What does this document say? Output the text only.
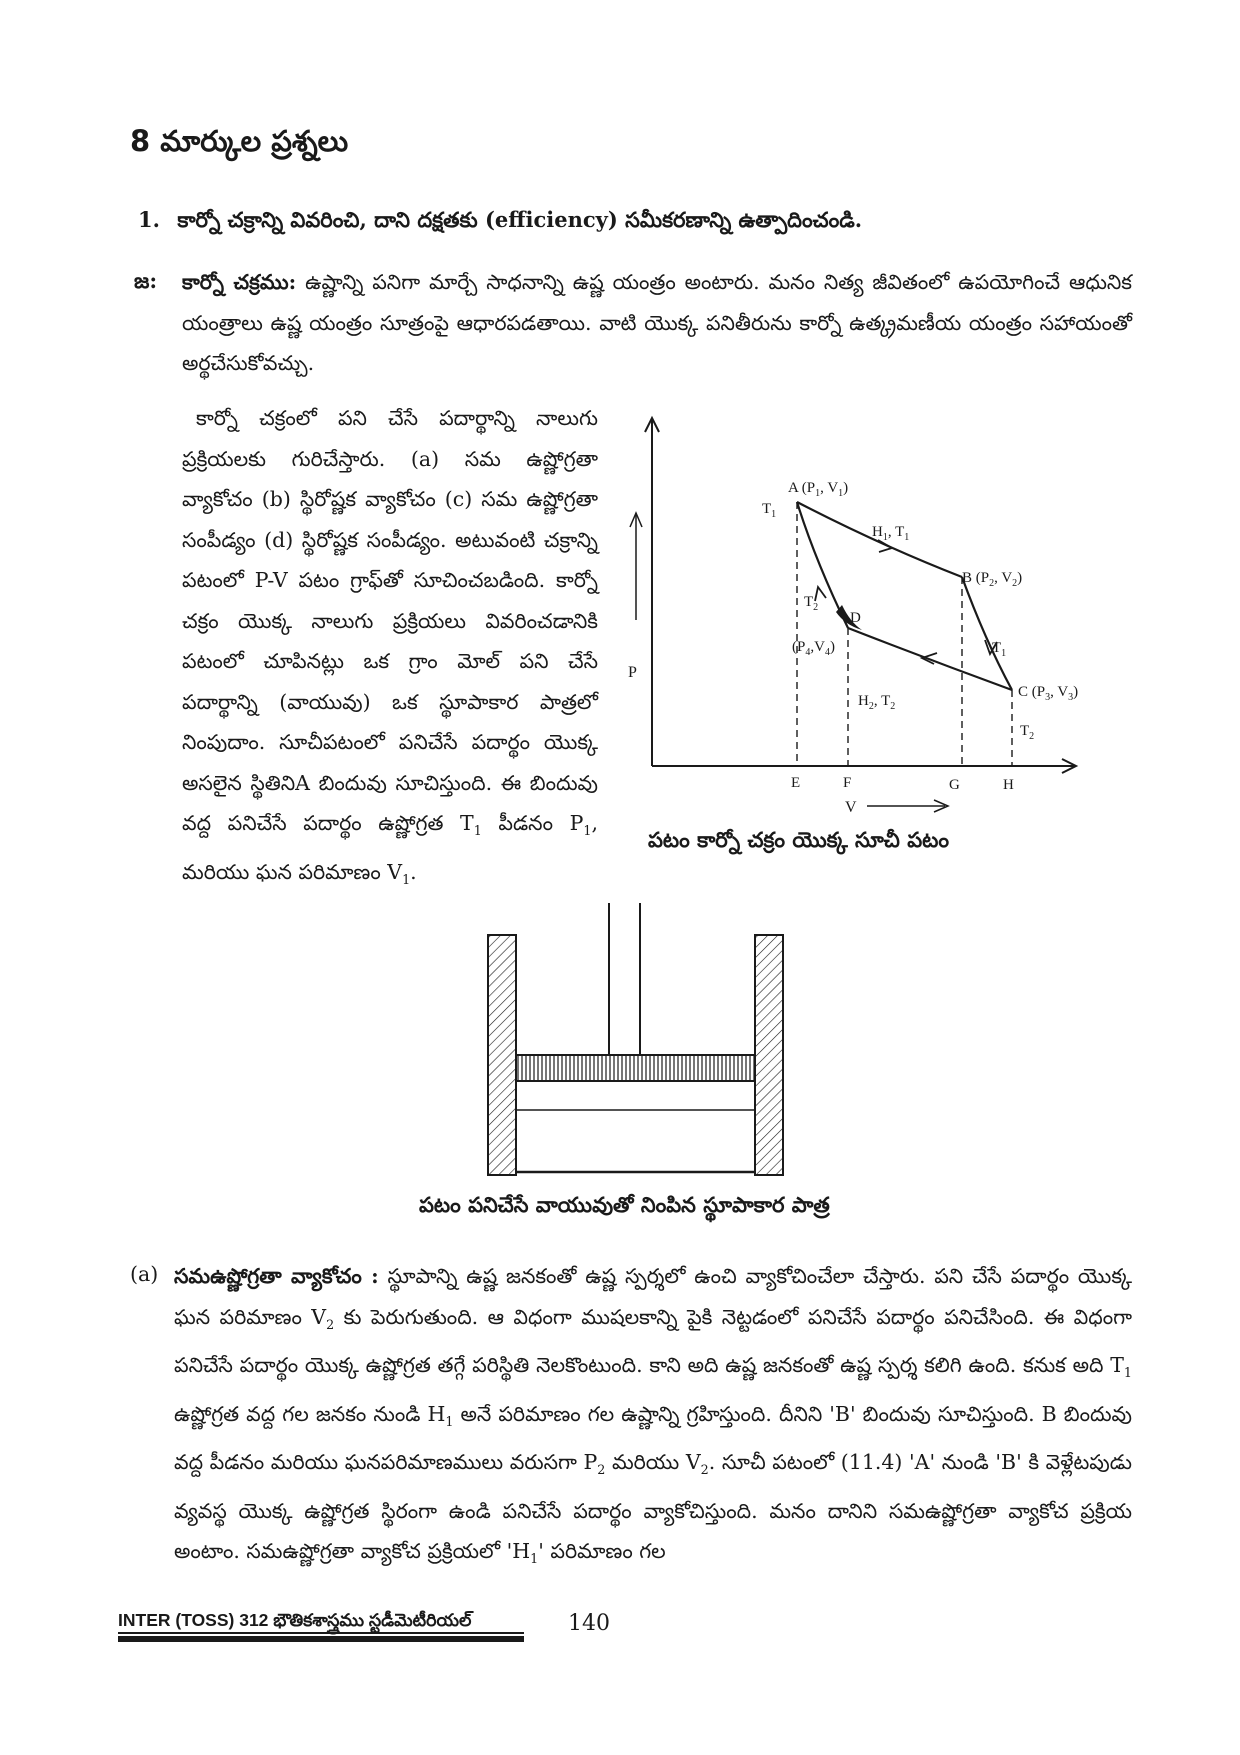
8 మార్కుల ప్రశ్నలు
1. కార్నో చక్రాన్ని వివరించి, దాని దక్షతకు (efficiency) సమీకరణాన్ని ఉత్పాదించండి.
జ: కార్నో చక్రము: ఉష్ణాన్ని పనిగా మార్చే సాధనాన్ని ఉష్ణ యంత్రం అంటారు. మనం నిత్య జీవితంలో ఉపయోగించే ఆధునిక యంత్రాలు ఉష్ణ యంత్రం సూత్రంపై ఆధారపడతాయి. వాటి యొక్క పనితీరును కార్నో ఉత్క్రమణీయ యంత్రం సహాయంతో అర్థచేసుకోవచ్చు.

కార్నో చక్రంలో పని చేసే పదార్థాన్ని నాలుగు ప్రక్రియలకు గురిచేస్తారు. (a) సమ ఉష్ణోగ్రతా వ్యాకోచం (b) స్థిరోష్ణక వ్యాకోచం (c) సమ ఉష్ణోగ్రతా సంపీడ్యం (d) స్థిరోష్ణక సంపీడ్యం. అటువంటి చక్రాన్ని పటంలో P-V పటం గ్రాఫ్‌తో సూచించబడింది. కార్నో చక్రం యొక్క నాలుగు ప్రక్రియలు వివరించడానికి పటంలో చూపినట్లు ఒక గ్రాం మోల్ పని చేసే పదార్థాన్ని (వాయువు) ఒక స్థూపాకార పాత్రలో నింపుదాం. సూచీపటంలో పనిచేసే పదార్థం యొక్క అసలైన స్థితినిA బిందువు సూచిస్తుంది. ఈ బిందువు వద్ద పనిచేసే పదార్థం ఉష్ణోగ్రత $T_1$ పీడనం $P_1$, మరియు ఘన పరిమాణం $V_1$.

P
V
A ($P_1$, $V_1$)
$T_1$
$H_1$, $T_1$
B ($P_2$, $V_2$)
$T_2$
D
$(P_4,V_4)$	$T_1$
$H_2$, $T_2$
C ($P_3$, $V_3$)
$T_2$
E	F	G	H
పటం కార్నో చక్రం యొక్క సూచీ పటం
పటం పనిచేసే వాయువుతో నింపిన స్థూపాకార పాత్ర
(a) సమఉష్ణోగ్రతా వ్యాకోచం : స్థూపాన్ని ఉష్ణ జనకంతో ఉష్ణ స్పర్శలో ఉంచి వ్యాకోచించేలా చేస్తారు. పని చేసే పదార్థం యొక్క ఘన పరిమాణం $V_2$ కు పెరుగుతుంది. ఆ విధంగా ముషలకాన్ని పైకి నెట్టడంలో పనిచేసే పదార్థం పనిచేసింది. ఈ విధంగా పనిచేసే పదార్థం యొక్క ఉష్ణోగ్రత తగ్గే పరిస్థితి నెలకొంటుంది. కాని అది ఉష్ణ జనకంతో ఉష్ణ స్పర్శ కలిగి ఉంది. కనుక అది $T_1$ ఉష్ణోగ్రత వద్ద గల జనకం నుండి $H_1$ అనే పరిమాణం గల ఉష్ణాన్ని గ్రహిస్తుంది. దీనిని 'B' బిందువు సూచిస్తుంది. B బిందువు వద్ద పీడనం మరియు ఘనపరిమాణములు వరుసగా $P_2$ మరియు $V_2$. సూచీ పటంలో (11.4) 'A' నుండి 'B' కి వెళ్లేటపుడు వ్యవస్థ యొక్క ఉష్ణోగ్రత స్థిరంగా ఉండి పనిచేసే పదార్థం వ్యాకోచిస్తుంది. మనం దానిని సమఉష్ణోగ్రతా వ్యాకోచ ప్రక్రియ అంటాం. సమఉష్ణోగ్రతా వ్యాకోచ ప్రక్రియలో '$H_1$' పరిమాణం గల

INTER (TOSS) 312 భౌతికశాస్త్రము స్టడీమెటీరియల్	140
